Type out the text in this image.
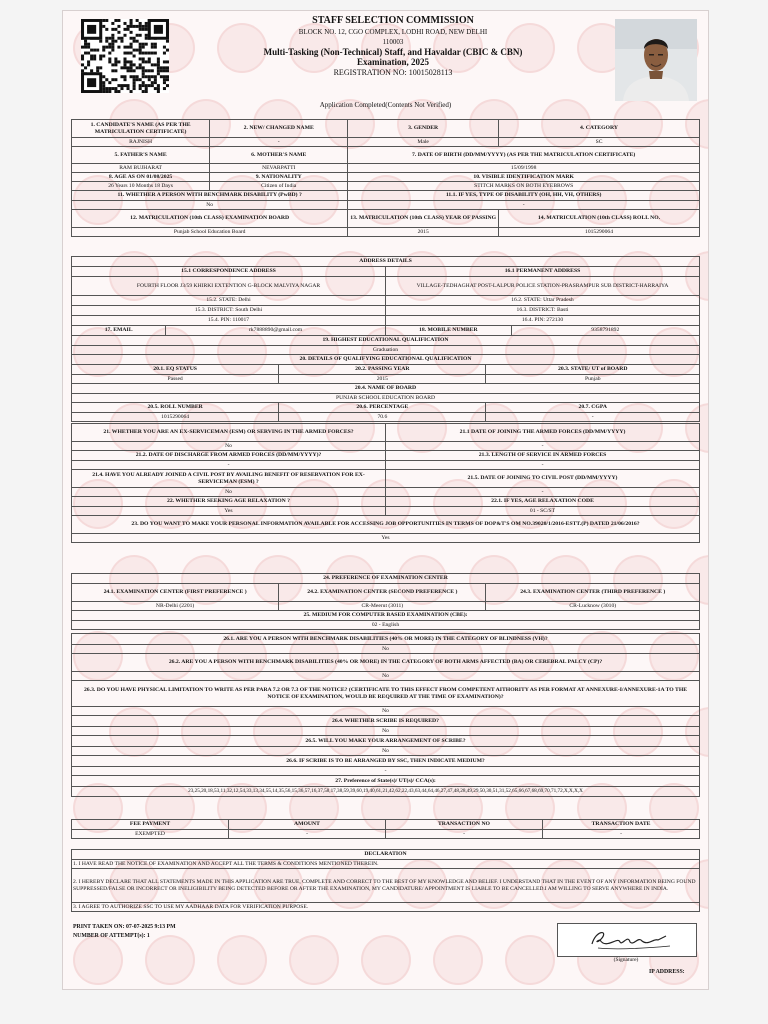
STAFF SELECTION COMMISSION
BLOCK NO. 12, CGO COMPLEX, LODHI ROAD, NEW DELHI
110003
Multi-Tasking (Non-Technical) Staff, and Havaldar (CBIC & CBN)
Examination, 2025
REGISTRATION NO: 10015028113
Application Completed(Contents Not Verified)
1. CANDIDATE'S NAME (AS PER THE MATRICULATION CERTIFICATE)	2. NEW/ CHANGED NAME	3. GENDER	4. CATEGORY
RAJNISH	-	Male	SC
5. FATHER'S NAME	6. MOTHER'S NAME	7. DATE OF BIRTH (DD/MM/YYYY) (AS PER THE MATRICULATION CERTIFICATE)	
RAM BUJHARAT	NEVARPATTI	15/09/1998	
8. AGE AS ON 01/08/2025	9. NATIONALITY	10. VISIBLE IDENTIFICATION MARK	
26 Years 10 Months 18 Days	Citizen of India	STITCH MARKS ON BOTH EYEBROWS	
11. WHETHER A PERSON WITH BENCHMARK DISABILITY (PwBD) ?		11.1. IF YES, TYPE OF DISABILITY (OH, HH, VH, OTHERS)	
No		-	
12. MATRICULATION (10th CLASS) EXAMINATION BOARD		13. MATRICULATION (10th CLASS) YEAR OF PASSING	14. MATRICULATION (10th CLASS) ROLL NO.
Punjab School Education Board		2015	1015290064
ADDRESS DETAILS			
15.1 CORRESPONDENCE ADDRESS		16.1 PERMANENT ADDRESS	
FOURTH FLOOR J3/59 KHIRKI EXTENTION G-BLOCK MALVIYA NAGAR		VILLAGE-TEDHAGHAT POST-LALPUR POLICE STATION-PRASRAMPUR SUB DISTRICT-HARRAIYA	
15.2. STATE: Delhi		16.2. STATE: Uttar Pradesh	
15.3. DISTRICT: South Delhi		16.3. DISTRICT: Basti	
15.4. PIN: 110017		16.4. PIN: 272130	
17. EMAIL	rk7888890@gmail.com	18. MOBILE NUMBER	9358791892
19. HIGHEST EDUCATIONAL QUALIFICATION		
Graduation		
20. DETAILS OF QUALIFYING EDUCATIONAL QUALIFICATION		
20.1. EQ STATUS	20.2. PASSING YEAR	20.3. STATE/ UT of BOARD
Passed	2015	Punjab
20.4. NAME OF BOARD		
PUNJAB SCHOOL EDUCATION BOARD		
20.5. ROLL NUMBER	20.6. PERCENTAGE	20.7. CGPA
1015290064	70.6	-
21. WHETHER YOU ARE AN EX-SERVICEMAN (ESM) OR SERVING IN THE ARMED FORCES?	21.1 DATE OF JOINING THE ARMED FORCES (DD/MM/YYYY)
No	-
21.2. DATE OF DISCHARGE FROM ARMED FORCES (DD/MM/YYYY)?	21.3. LENGTH OF SERVICE IN ARMED FORCES
-	-
21.4. HAVE YOU ALREADY JOINED A CIVIL POST BY AVAILING BENEFIT OF RESERVATION FOR EX-SERVICEMAN (ESM) ?	21.5. DATE OF JOINING TO CIVIL POST (DD/MM/YYYY)
No	-
22. WHETHER SEEKING AGE RELAXATION ?	22.1. IF YES, AGE RELAXATION CODE
Yes	01 - SC/ST
23. DO YOU WANT TO MAKE YOUR PERSONAL INFORMATION AVAILABLE FOR ACCESSING JOB OPPORTUNITIES IN TERMS OF DOP&T'S OM NO.39020/1/2016-ESTT.(P) DATED 21/06/2016?	
Yes	
24. PREFERENCE OF EXAMINATION CENTER		
24.1. EXAMINATION CENTER (FIRST PREFERENCE )	24.2. EXAMINATION CENTER (SECOND PREFERENCE )	24.3. EXAMINATION CENTER (THIRD PREFERENCE )
NR-Delhi (2201)	CR-Meerut (3011)	CR-Lucknow (3010)
25. MEDIUM FOR COMPUTER BASED EXAMINATION (CBE):		
02 - English		
26.1. ARE YOU A PERSON WITH BENCHMARK DISABILITIES (40% OR MORE) IN THE CATEGORY OF BLINDNESS (VH)?
No
26.2. ARE YOU A PERSON WITH BENCHMARK DISABILITIES (40% OR MORE) IN THE CATEGORY OF BOTH ARMS AFFECTED (BA) OR CEREBRAL PALCY (CP)?
No
26.3. DO YOU HAVE PHYSICAL LIMITATION TO WRITE AS PER PARA 7.2 OR 7.3 OF THE NOTICE? (CERTIFICATE TO THIS EFFECT FROM COMPETENT AITHORITY AS PER FORMAT AT ANNEXURE-I/ANNEXURE-1A TO THE NOTICE OF EXAMINATION, WOULD BE REQUIRED AT THE TIME OF EXAMINATION)?
No
26.4. WHETHER SCRIBE IS REQUIRED?
No
26.5. WILL YOU MAKE YOUR ARRANGEMENT OF SCRIBE?
No
26.6. IF SCRIBE IS TO BE ARRANGED BY SSC, THEN INDICATE MEDIUM?
-
27. Preference of State(s)/ UT(s)/ CCA(s):
23,25,20,18,53,11,32,12,54,33,13,34,55,14,35,56,15,36,57,16,37,58,17,38,59,39,60,19,40,61,21,42,62,22,43,63,44,64,46,27,47,48,28,49,29,50,30,51,31,52,65,66,67,68,69,70,71,72,X,X,X,X
FEE PAYMENT	AMOUNT	TRANSACTION NO	TRANSACTION DATE
EXEMPTED	-	-	-
DECLARATION
1. I HAVE READ THE NOTICE OF EXAMINATION AND ACCEPT ALL THE TERMS & CONDITIONS MENTIONED THEREIN.
2. I HEREBY DECLARE THAT ALL STATEMENTS MADE IN THIS APPLICATION ARE TRUE, COMPLETE AND CORRECT TO THE BEST OF MY KNOWLEDGE AND BELIEF. I UNDERSTAND THAT IN THE EVENT OF ANY INFORMATION BEING FOUND SUPPRESSED/FALSE OR INCORRECT OR INELIGIBILITY BEING DETECTED BEFORE OR AFTER THE EXAMINATION, MY CANDIDATURE/ APPOINTMENT IS LIABLE TO BE CANCELLED.I AM WILLING TO SERVE ANYWHERE IN INDIA.
3. I AGREE TO AUTHORIZE SSC TO USE MY AADHAAR DATA FOR VERIFICATION PURPOSE.
PRINT TAKEN ON: 07-07-2025 9:13 PM
NUMBER OF ATTEMPT(s): 1
(Signature)
IP ADDRESS:
